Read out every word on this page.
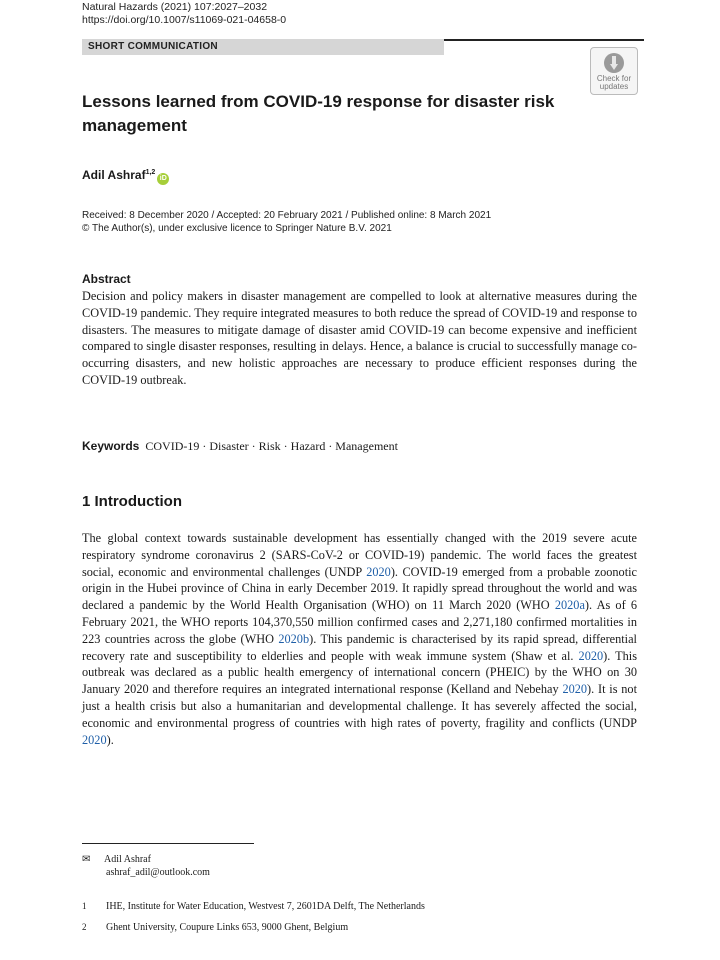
Natural Hazards (2021) 107:2027–2032
https://doi.org/10.1007/s11069-021-04658-0
SHORT COMMUNICATION
Check for
updates
Lessons learned from COVID-19 response for disaster risk management
Adil Ashraf$^{1,2}$iD
Received: 8 December 2020 / Accepted: 20 February 2021 / Published online: 8 March 2021
© The Author(s), under exclusive licence to Springer Nature B.V. 2021
Abstract

Decision and policy makers in disaster management are compelled to look at alternative measures during the COVID-19 pandemic. They require integrated measures to both reduce the spread of COVID-19 and response to disasters. The measures to mitigate damage of disaster amid COVID-19 can become expensive and inefficient compared to single disaster responses, resulting in delays. Hence, a balance is crucial to successfully manage co-occurring disasters, and new holistic approaches are necessary to produce efficient responses during the COVID-19 outbreak.

Keywords COVID-19 · Disaster · Risk · Hazard · Management
1 Introduction

The global context towards sustainable development has essentially changed with the 2019 severe acute respiratory syndrome coronavirus 2 (SARS-CoV-2 or COVID-19) pandemic. The world faces the greatest social, economic and environmental challenges (UNDP 2020). COVID-19 emerged from a probable zoonotic origin in the Hubei province of China in early December 2019. It rapidly spread throughout the world and was declared a pandemic by the World Health Organisation (WHO) on 11 March 2020 (WHO 2020a). As of 6 February 2021, the WHO reports 104,370,550 million confirmed cases and 2,271,180 confirmed mortalities in 223 countries across the globe (WHO 2020b). This pandemic is characterised by its rapid spread, differential recovery rate and susceptibility to elderlies and people with weak immune system (Shaw et al. 2020). This outbreak was declared as a public health emergency of international concern (PHEIC) by the WHO on 30 January 2020 and therefore requires an integrated international response (Kelland and Nebehay 2020). It is not just a health crisis but also a humanitarian and developmental challenge. It has severely affected the social, economic and environmental progress of countries with high rates of poverty, fragility and conflicts (UNDP 2020).

✉ Adil Ashraf
ashraf_adil@outlook.com
1 IHE, Institute for Water Education, Westvest 7, 2601DA Delft, The Netherlands
2 Ghent University, Coupure Links 653, 9000 Ghent, Belgium
